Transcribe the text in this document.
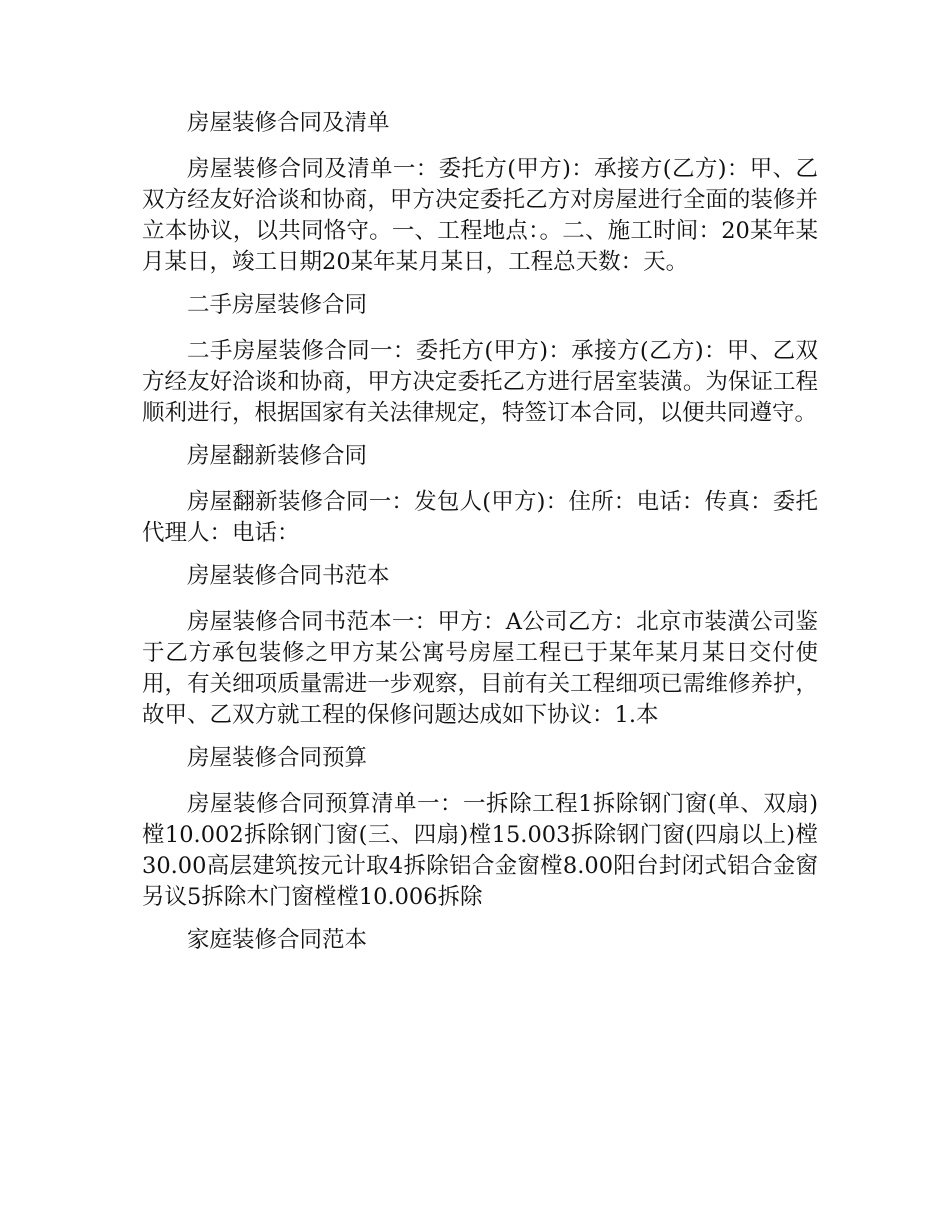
房屋装修合同及清单

房屋装修合同及清单一：委托方(甲方)：承接方(乙方)：甲、乙双方经友好洽谈和协商，甲方决定委托乙方对房屋进行全面的装修并立本协议，以共同恪守。一、工程地点：。二、施工时间：20某年某月某日，竣工日期20某年某月某日，工程总天数：天。

二手房屋装修合同

二手房屋装修合同一：委托方(甲方)：承接方(乙方)：甲、乙双方经友好洽谈和协商，甲方决定委托乙方进行居室装潢。为保证工程顺利进行，根据国家有关法律规定，特签订本合同，以便共同遵守。

房屋翻新装修合同

房屋翻新装修合同一：发包人(甲方)：住所：电话：传真：委托代理人：电话：

房屋装修合同书范本

房屋装修合同书范本一：甲方：A公司乙方：北京市装潢公司鉴于乙方承包装修之甲方某公寓号房屋工程已于某年某月某日交付使用，有关细项质量需进一步观察，目前有关工程细项已需维修养护，故甲、乙双方就工程的保修问题达成如下协议：1.本

房屋装修合同预算

房屋装修合同预算清单一：一拆除工程1拆除钢门窗(单、双扇)樘10.002拆除钢门窗(三、四扇)樘15.003拆除钢门窗(四扇以上)樘30.00高层建筑按元计取4拆除铝合金窗樘8.00阳台封闭式铝合金窗另议5拆除木门窗樘樘10.006拆除

家庭装修合同范本
